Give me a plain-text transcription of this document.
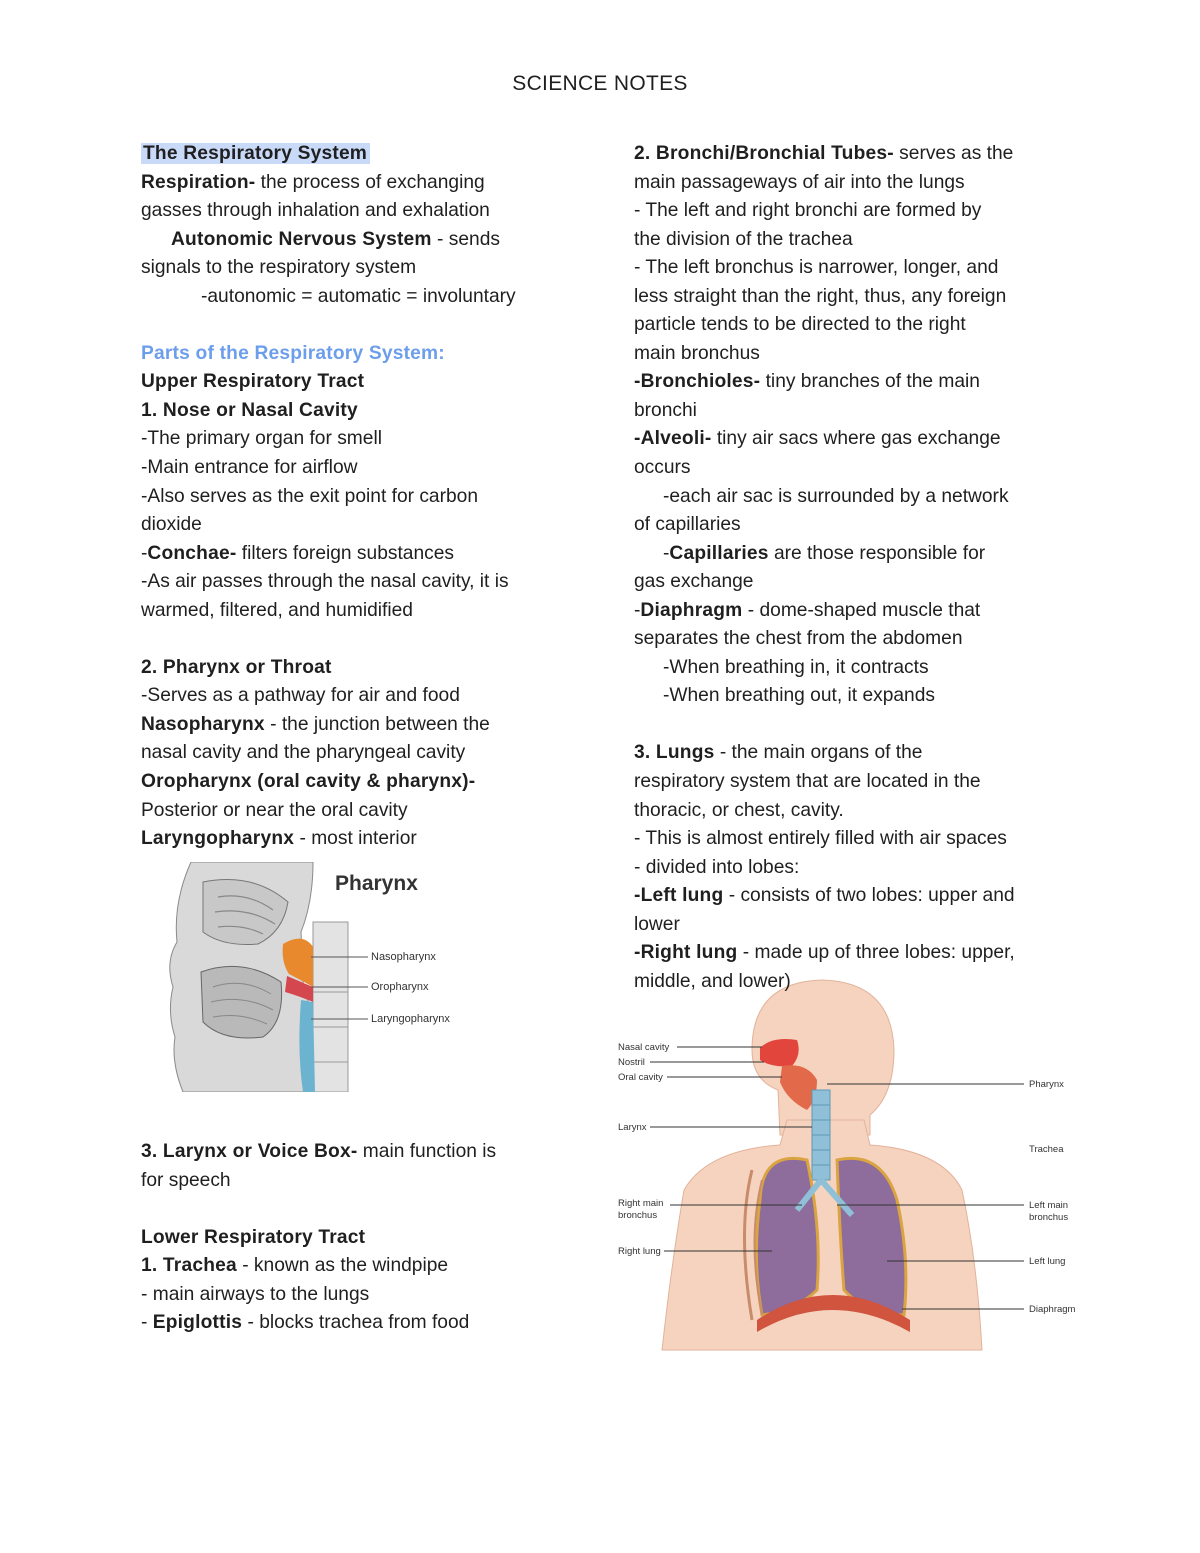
SCIENCE NOTES

The Respiratory System

Respiration- the process of exchanging

gasses through inhalation and exhalation

Autonomic Nervous System - sends

signals to the respiratory system

-autonomic = automatic = involuntary

Parts of the Respiratory System:

Upper Respiratory Tract

1. Nose or Nasal Cavity

-The primary organ for smell

-Main entrance for airflow

-Also serves as the exit point for carbon

dioxide

-Conchae- filters foreign substances

-As air passes through the nasal cavity, it is

warmed, filtered, and humidified

2. Pharynx or Throat

-Serves as a pathway for air and food

Nasopharynx - the junction between the

nasal cavity and the pharyngeal cavity

Oropharynx (oral cavity & pharynx)-

Posterior or near the oral cavity

Laryngopharynx - most interior

Pharynx
Nasopharynx
Oropharynx
Laryngopharynx

3. Larynx or Voice Box- main function is

for speech

Lower Respiratory Tract

1. Trachea - known as the windpipe

- main airways to the lungs

- Epiglottis - blocks trachea from food

Nasal cavity
Nostril
Oral cavity
Larynx
Right main
bronchus
Right lung
Pharynx
Trachea
Left main
bronchus
Left lung
Diaphragm

2. Bronchi/Bronchial Tubes- serves as the

main passageways of air into the lungs

- The left and right bronchi are formed by

the division of the trachea

- The left bronchus is narrower, longer, and

less straight than the right, thus, any foreign

particle tends to be directed to the right

main bronchus

-Bronchioles- tiny branches of the main

bronchi

-Alveoli- tiny air sacs where gas exchange

occurs

-each air sac is surrounded by a network

of capillaries

-Capillaries are those responsible for

gas exchange

-Diaphragm - dome-shaped muscle that

separates the chest from the abdomen

-When breathing in, it contracts

-When breathing out, it expands

3. Lungs - the main organs of the

respiratory system that are located in the

thoracic, or chest, cavity.

- This is almost entirely filled with air spaces

- divided into lobes:

-Left lung - consists of two lobes: upper and

lower

-Right lung - made up of three lobes: upper,

middle, and lower)
